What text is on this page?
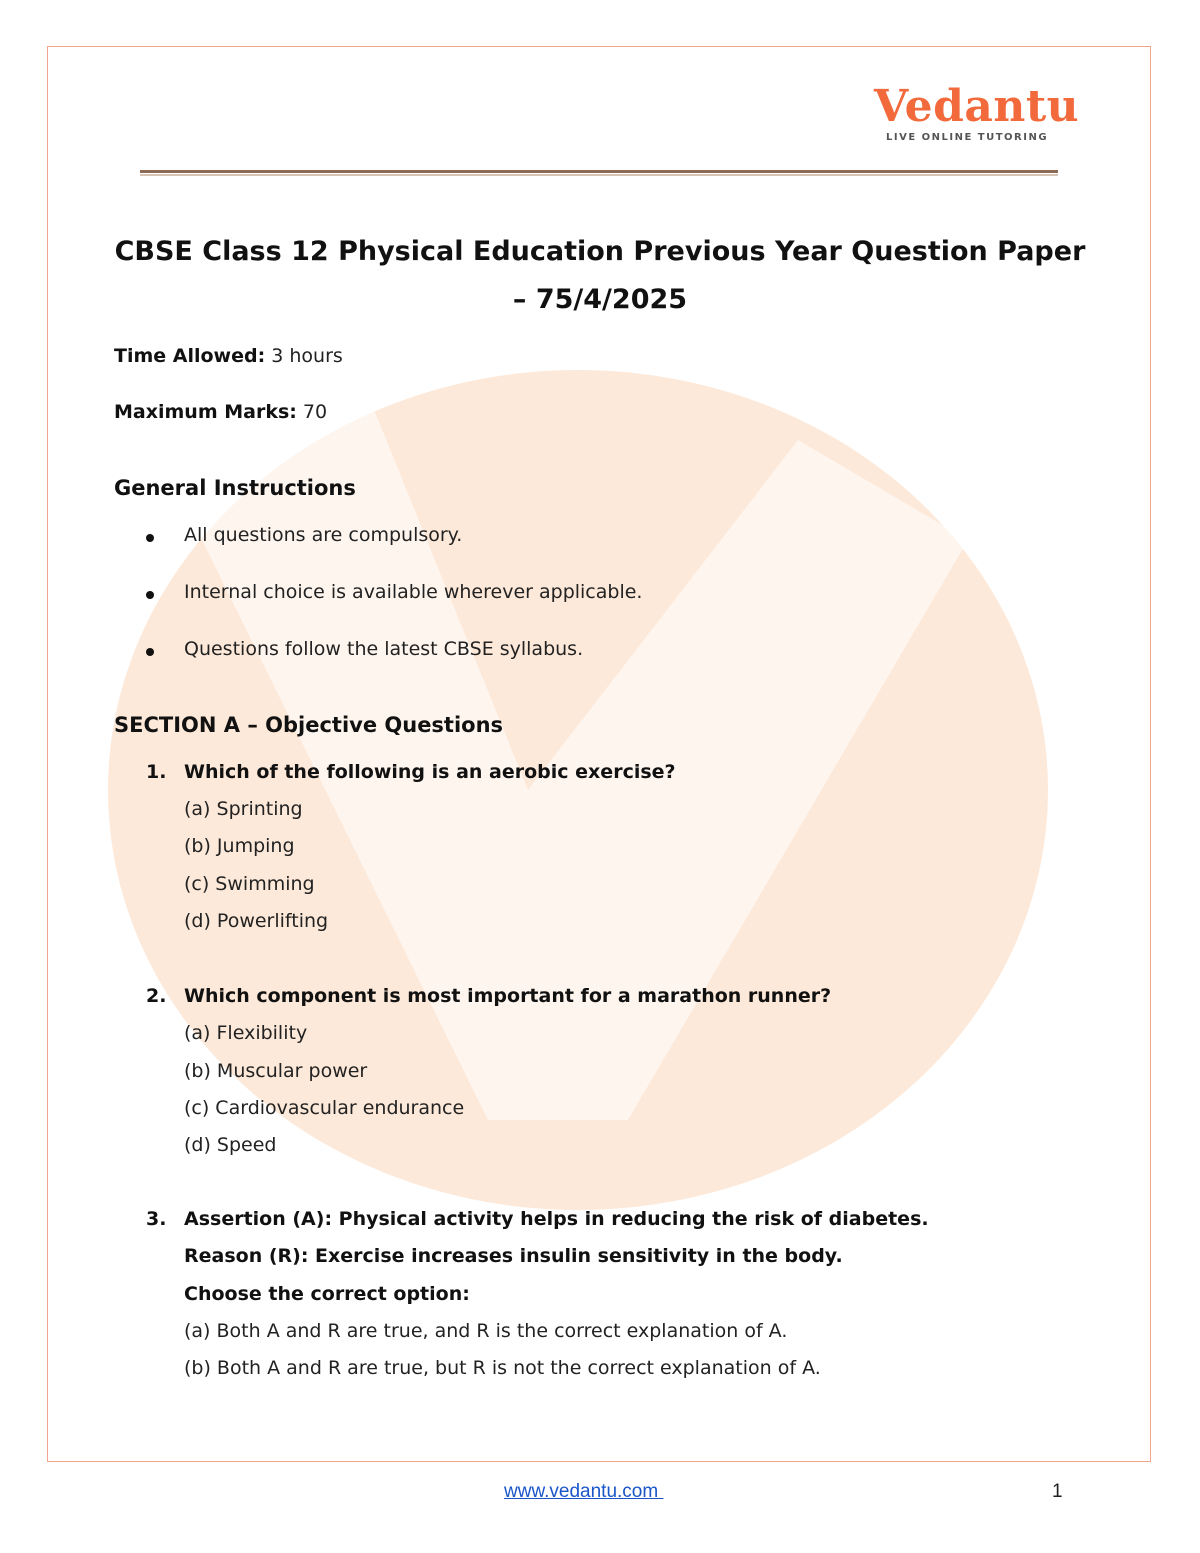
Vedantu
LIVE ONLINE TUTORING
CBSE Class 12 Physical Education Previous Year Question Paper
– 75/4/2025
Time Allowed: 3 hours
Maximum Marks: 70
General Instructions
All questions are compulsory.
Internal choice is available wherever applicable.
Questions follow the latest CBSE syllabus.
SECTION A – Objective Questions
1. Which of the following is an aerobic exercise?
(a) Sprinting
(b) Jumping
(c) Swimming
(d) Powerlifting
2. Which component is most important for a marathon runner?
(a) Flexibility
(b) Muscular power
(c) Cardiovascular endurance
(d) Speed
3. Assertion (A): Physical activity helps in reducing the risk of diabetes.
Reason (R): Exercise increases insulin sensitivity in the body.
Choose the correct option:
(a) Both A and R are true, and R is the correct explanation of A.
(b) Both A and R are true, but R is not the correct explanation of A.
www.vedantu.com	1
